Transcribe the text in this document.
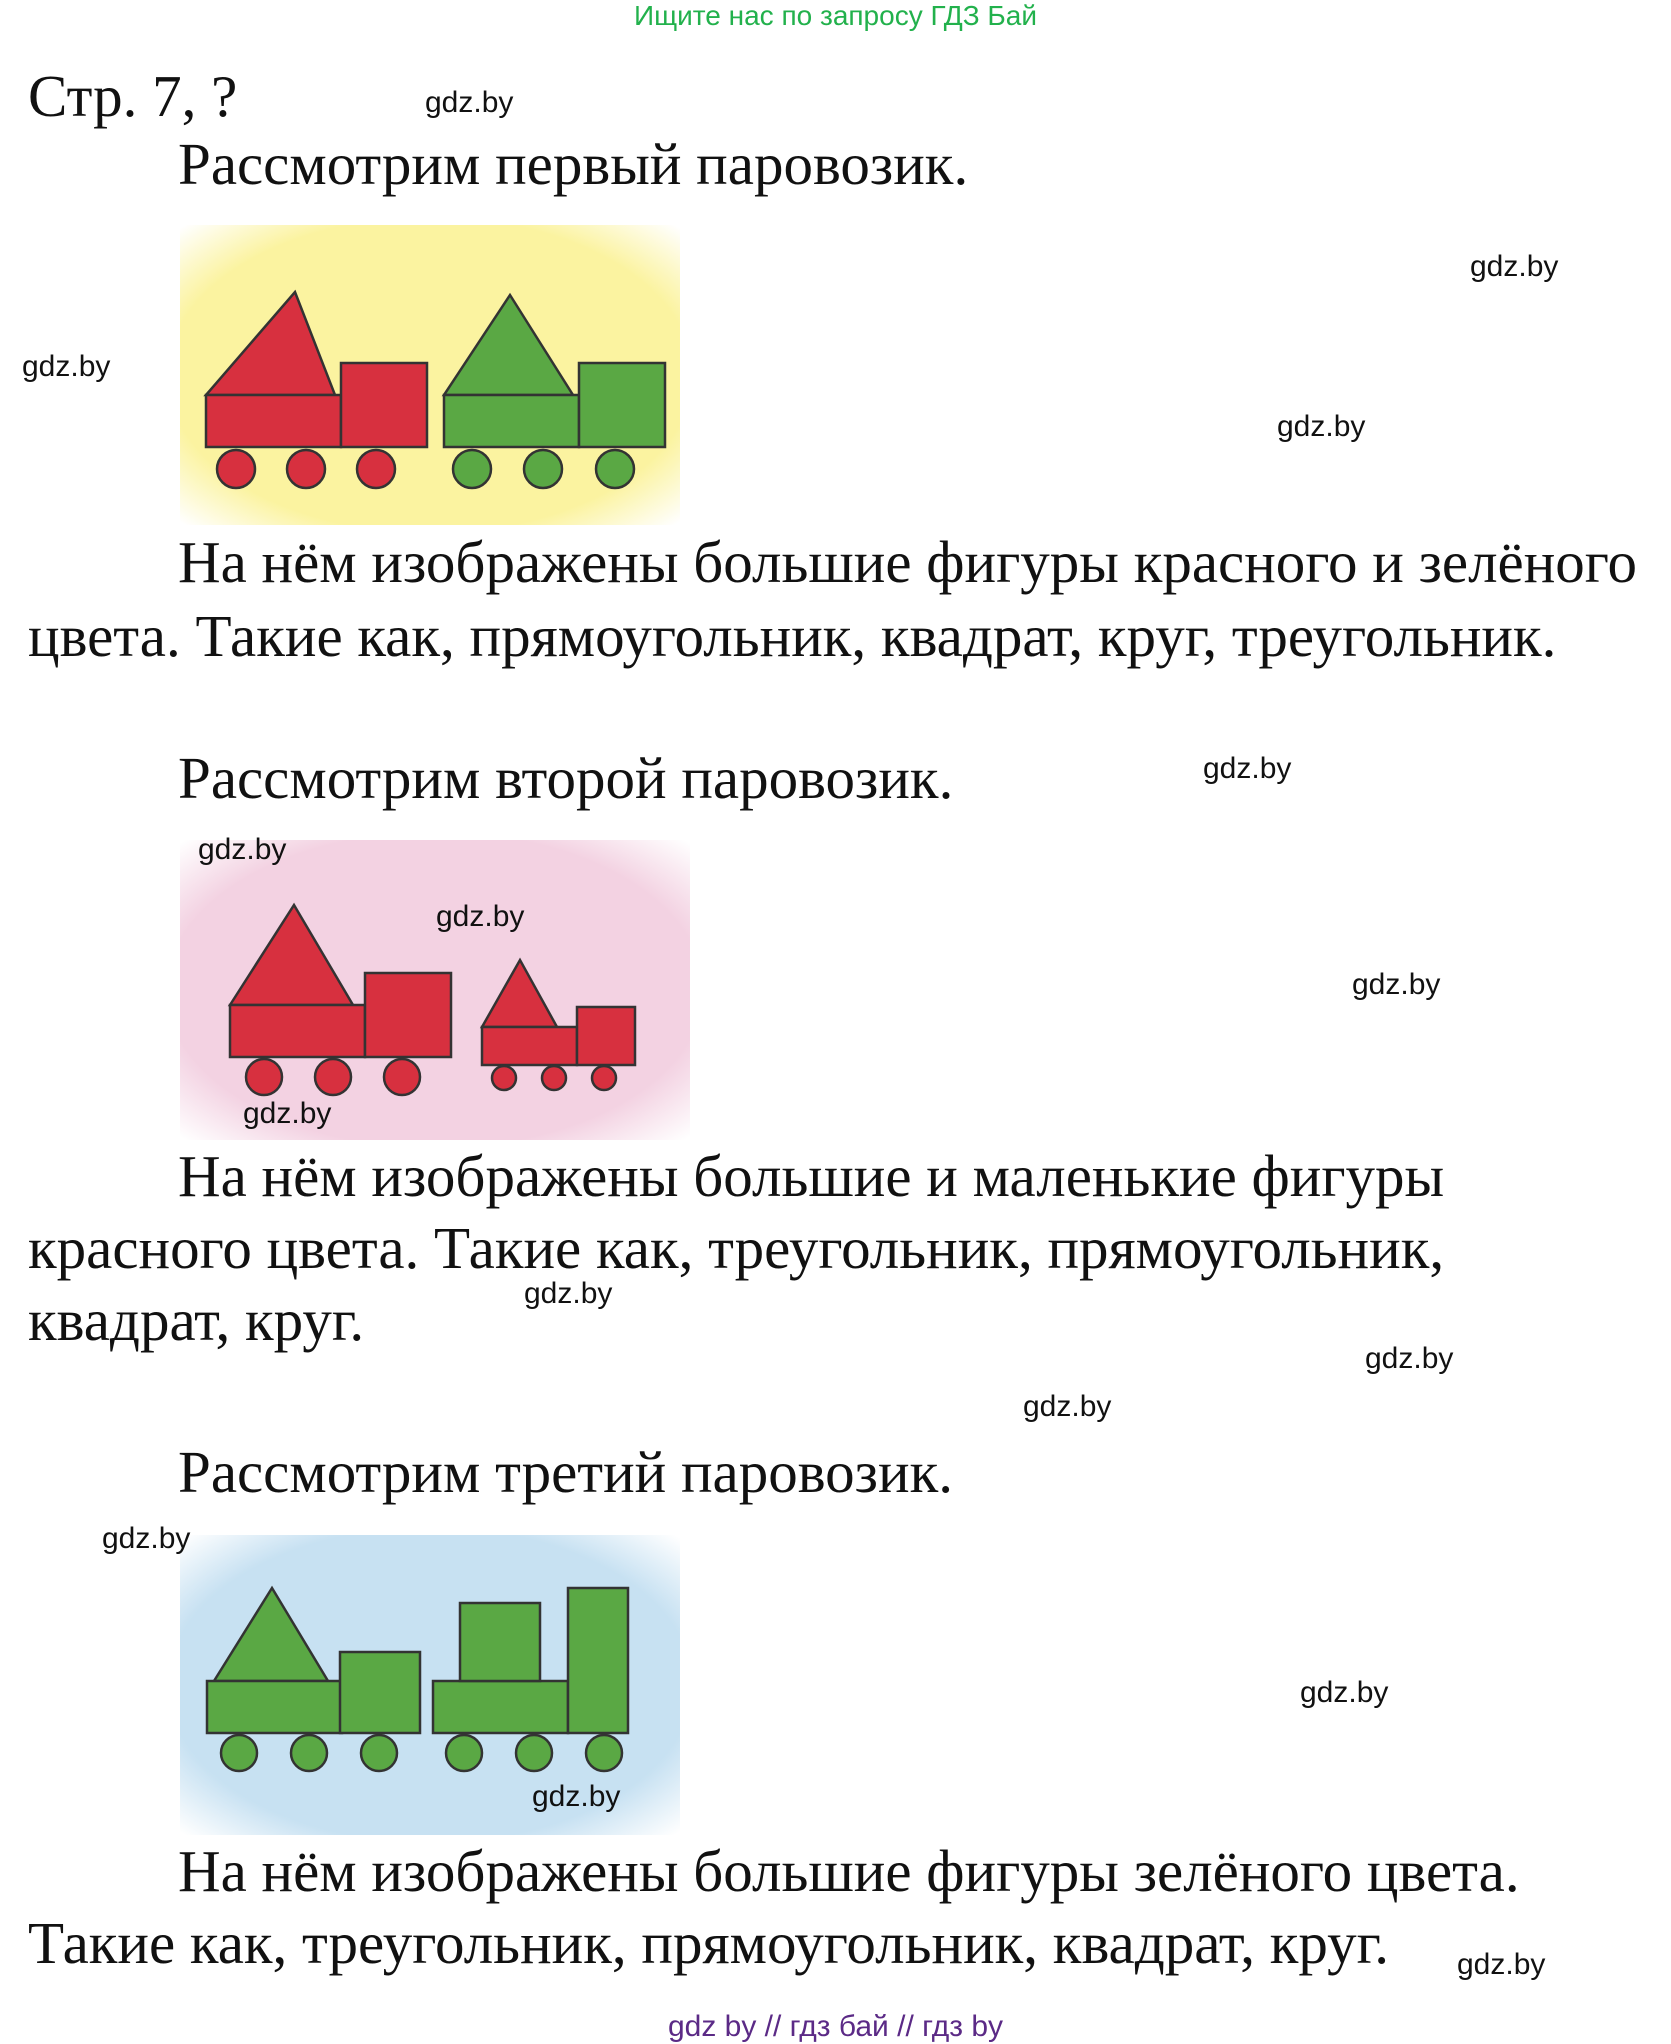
Ищите нас по запросу ГДЗ Бай
Стр. 7, ?
Рассмотрим первый паровозик.
На нём изображены большие фигуры красного и зелёного
цвета. Такие как, прямоугольник, квадрат, круг, треугольник.
Рассмотрим второй паровозик.
На нём изображены большие и маленькие фигуры
красного цвета. Такие как, треугольник, прямоугольник,
квадрат, круг.
Рассмотрим третий паровозик.
На нём изображены большие фигуры зелёного цвета.
Такие как, треугольник, прямоугольник, квадрат, круг.
gdz.by
gdz.by
gdz.by
gdz.by
gdz.by
gdz.by
gdz.by
gdz.by
gdz.by
gdz.by
gdz.by
gdz.by
gdz.by
gdz.by
gdz.by
gdz.by
gdz by // гдз бай // гдз by
